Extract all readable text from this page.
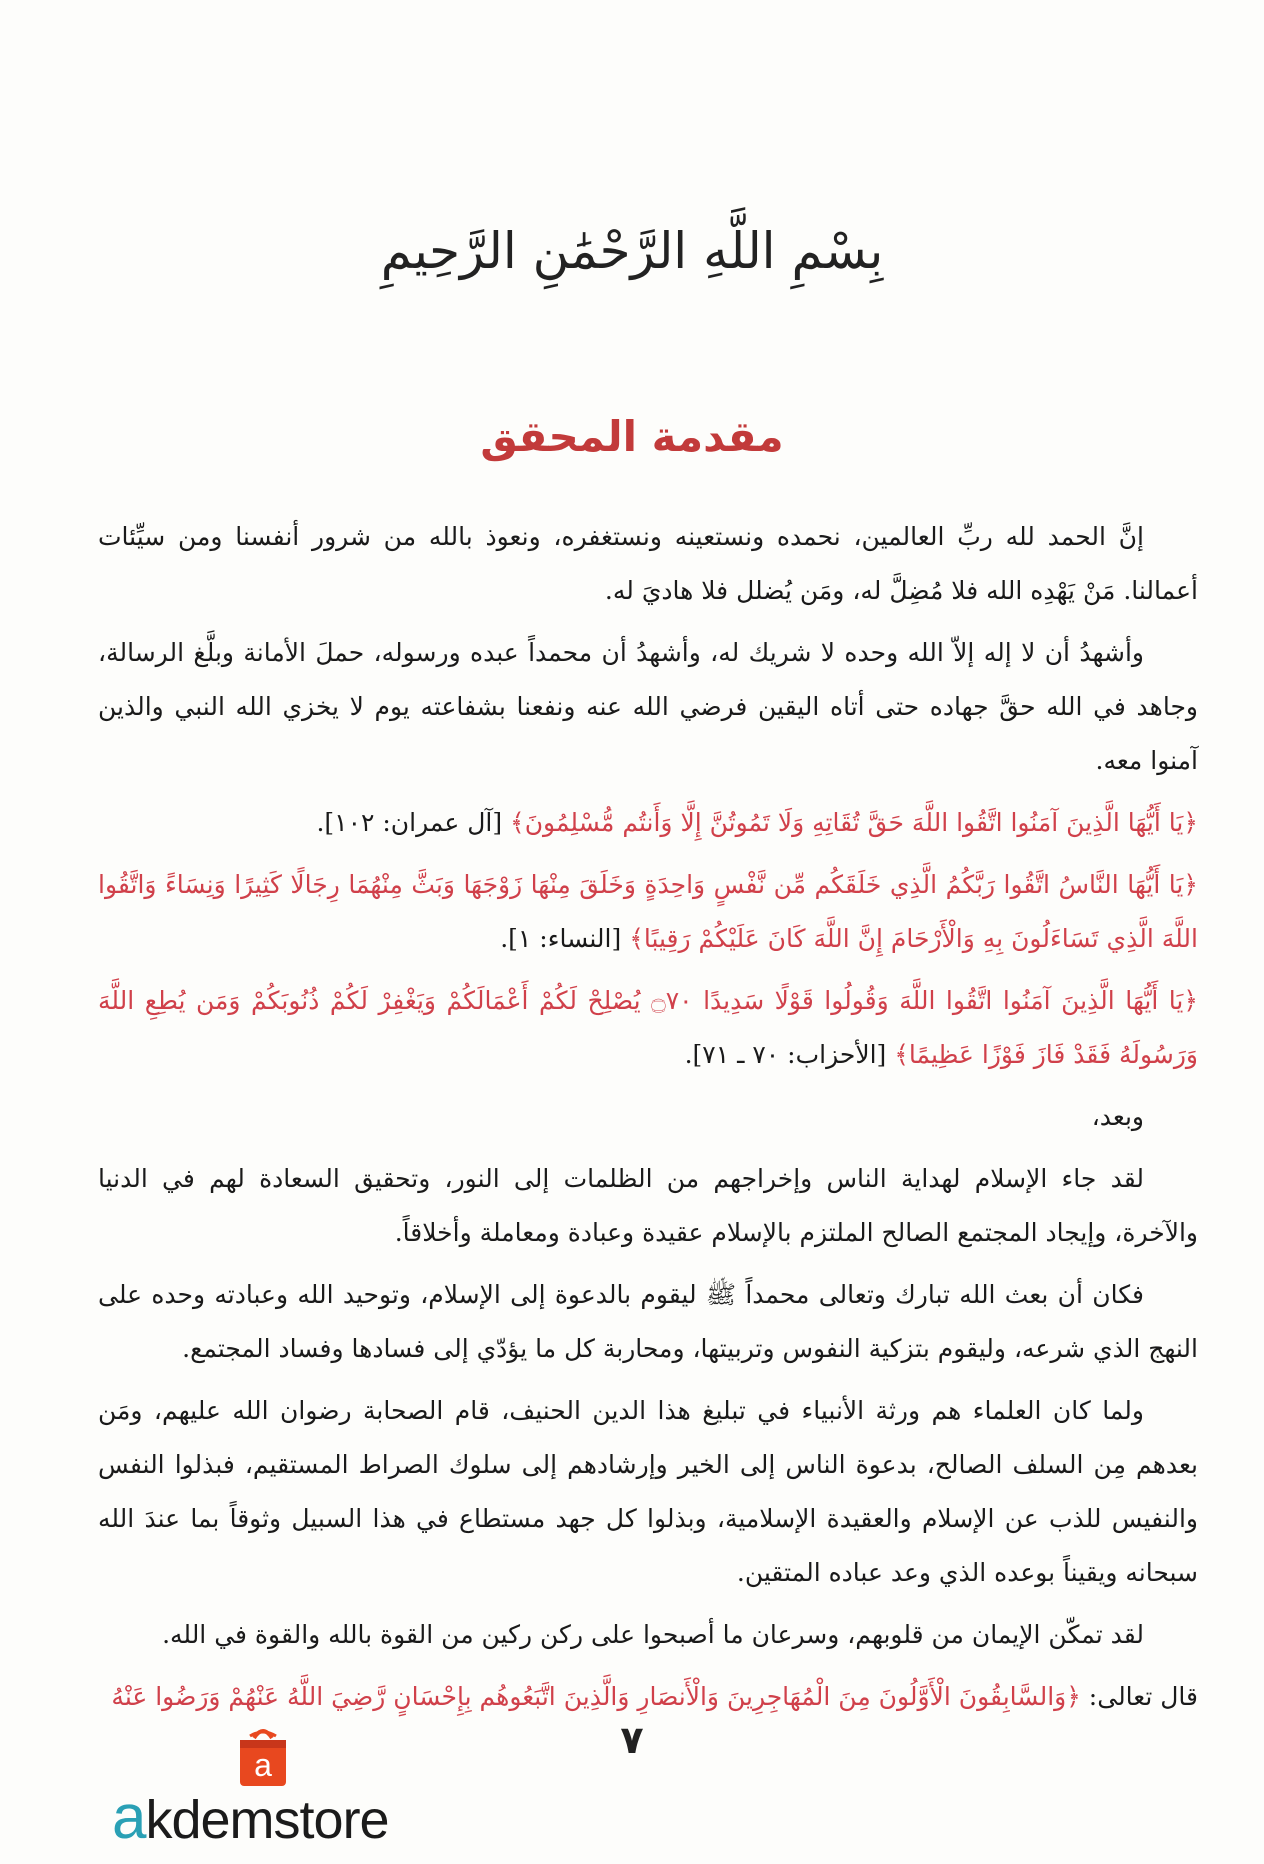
بِسْمِ اللَّهِ الرَّحْمَٰنِ الرَّحِيمِ
مقدمة المحقق

إنَّ الحمد لله ربِّ العالمين، نحمده ونستعينه ونستغفره، ونعوذ بالله من شرور أنفسنا ومن سيِّئات أعمالنا. مَنْ يَهْدِه الله فلا مُضِلَّ له، ومَن يُضلل فلا هاديَ له.

وأشهدُ أن لا إله إلاّ الله وحده لا شريك له، وأشهدُ أن محمداً عبده ورسوله، حملَ الأمانة وبلَّغ الرسالة، وجاهد في الله حقَّ جهاده حتى أتاه اليقين فرضي الله عنه ونفعنا بشفاعته يوم لا يخزي الله النبي والذين آمنوا معه.

﴿يَا أَيُّهَا الَّذِينَ آمَنُوا اتَّقُوا اللَّهَ حَقَّ تُقَاتِهِ وَلَا تَمُوتُنَّ إِلَّا وَأَنتُم مُّسْلِمُونَ﴾ [آل عمران: ١٠٢].

﴿يَا أَيُّهَا النَّاسُ اتَّقُوا رَبَّكُمُ الَّذِي خَلَقَكُم مِّن نَّفْسٍ وَاحِدَةٍ وَخَلَقَ مِنْهَا زَوْجَهَا وَبَثَّ مِنْهُمَا رِجَالًا كَثِيرًا وَنِسَاءً وَاتَّقُوا اللَّهَ الَّذِي تَسَاءَلُونَ بِهِ وَالْأَرْحَامَ إِنَّ اللَّهَ كَانَ عَلَيْكُمْ رَقِيبًا﴾ [النساء: ١].

﴿يَا أَيُّهَا الَّذِينَ آمَنُوا اتَّقُوا اللَّهَ وَقُولُوا قَوْلًا سَدِيدًا ۝٧٠ يُصْلِحْ لَكُمْ أَعْمَالَكُمْ وَيَغْفِرْ لَكُمْ ذُنُوبَكُمْ وَمَن يُطِعِ اللَّهَ وَرَسُولَهُ فَقَدْ فَازَ فَوْزًا عَظِيمًا﴾ [الأحزاب: ٧٠ ـ ٧١].

وبعد،

لقد جاء الإسلام لهداية الناس وإخراجهم من الظلمات إلى النور، وتحقيق السعادة لهم في الدنيا والآخرة، وإيجاد المجتمع الصالح الملتزم بالإسلام عقيدة وعبادة ومعاملة وأخلاقاً.

فكان أن بعث الله تبارك وتعالى محمداً ﷺ ليقوم بالدعوة إلى الإسلام، وتوحيد الله وعبادته وحده على النهج الذي شرعه، وليقوم بتزكية النفوس وتربيتها، ومحاربة كل ما يؤدّي إلى فسادها وفساد المجتمع.

ولما كان العلماء هم ورثة الأنبياء في تبليغ هذا الدين الحنيف، قام الصحابة رضوان الله عليهم، ومَن بعدهم مِن السلف الصالح، بدعوة الناس إلى الخير وإرشادهم إلى سلوك الصراط المستقيم، فبذلوا النفس والنفيس للذب عن الإسلام والعقيدة الإسلامية، وبذلوا كل جهد مستطاع في هذا السبيل وثوقاً بما عندَ الله سبحانه ويقيناً بوعده الذي وعد عباده المتقين.

لقد تمكّن الإيمان من قلوبهم، وسرعان ما أصبحوا على ركن ركين من القوة بالله والقوة في الله.

قال تعالى: ﴿وَالسَّابِقُونَ الْأَوَّلُونَ مِنَ الْمُهَاجِرِينَ وَالْأَنصَارِ وَالَّذِينَ اتَّبَعُوهُم بِإِحْسَانٍ رَّضِيَ اللَّهُ عَنْهُمْ وَرَضُوا عَنْهُ

٧
a
akdemstore
